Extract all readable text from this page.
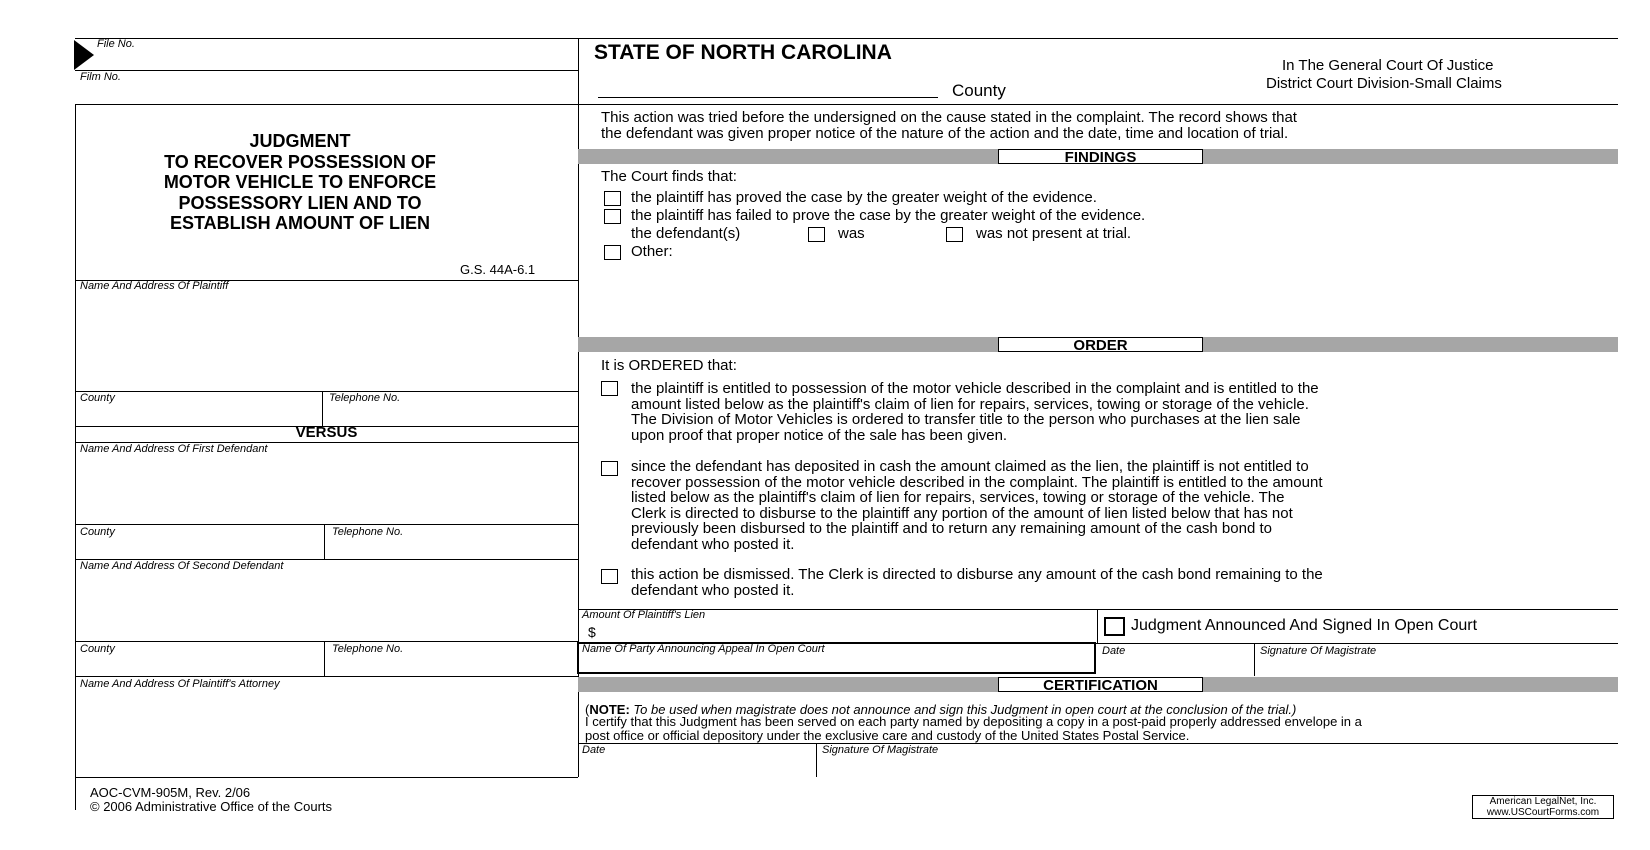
File No.
Film No.
JUDGMENT
TO RECOVER POSSESSION OF
MOTOR VEHICLE TO ENFORCE
POSSESSORY LIEN AND TO
ESTABLISH AMOUNT OF LIEN
G.S. 44A-6.1
Name And Address Of Plaintiff
County	Telephone No.
VERSUS
Name And Address Of First Defendant
County	Telephone No.
Name And Address Of Second Defendant
County	Telephone No.
Name And Address Of Plaintiff's Attorney
STATE OF NORTH CAROLINA
County
In The General Court Of Justice
District Court Division-Small Claims
This action was tried before the undersigned on the cause stated in the complaint. The record shows that
the defendant was given proper notice of the nature of the action and the date, time and location of trial.
FINDINGS
The Court finds that:
the plaintiff has proved the case by the greater weight of the evidence.
the plaintiff has failed to prove the case by the greater weight of the evidence.
the defendant(s)	was	was not present at trial.
Other:
ORDER
It is ORDERED that:
the plaintiff is entitled to possession of the motor vehicle described in the complaint and is entitled to the
amount listed below as the plaintiff's claim of lien for repairs, services, towing or storage of the vehicle.
The Division of Motor Vehicles is ordered to transfer title to the person who purchases at the lien sale
upon proof that proper notice of the sale has been given.
since the defendant has deposited in cash the amount claimed as the lien, the plaintiff is not entitled to
recover possession of the motor vehicle described in the complaint. The plaintiff is entitled to the amount
listed below as the plaintiff's claim of lien for repairs, services, towing or storage of the vehicle. The
Clerk is directed to disburse to the plaintiff any portion of the amount of lien listed below that has not
previously been disbursed to the plaintiff and to return any remaining amount of the cash bond to
defendant who posted it.
this action be dismissed. The Clerk is directed to disburse any amount of the cash bond remaining to the
defendant who posted it.
Amount Of Plaintiff's Lien
$	Judgment Announced And Signed In Open Court
Name Of Party Announcing Appeal In Open Court	Date	Signature Of Magistrate
CERTIFICATION
(NOTE: To be used when magistrate does not announce and sign this Judgment in open court at the conclusion of the trial.)
I certify that this Judgment has been served on each party named by depositing a copy in a post-paid properly addressed envelope in a
post office or official depository under the exclusive care and custody of the United States Postal Service.
Date	Signature Of Magistrate
AOC-CVM-905M, Rev. 2/06
© 2006 Administrative Office of the Courts	American LegalNet, Inc.
www.USCourtForms.com
